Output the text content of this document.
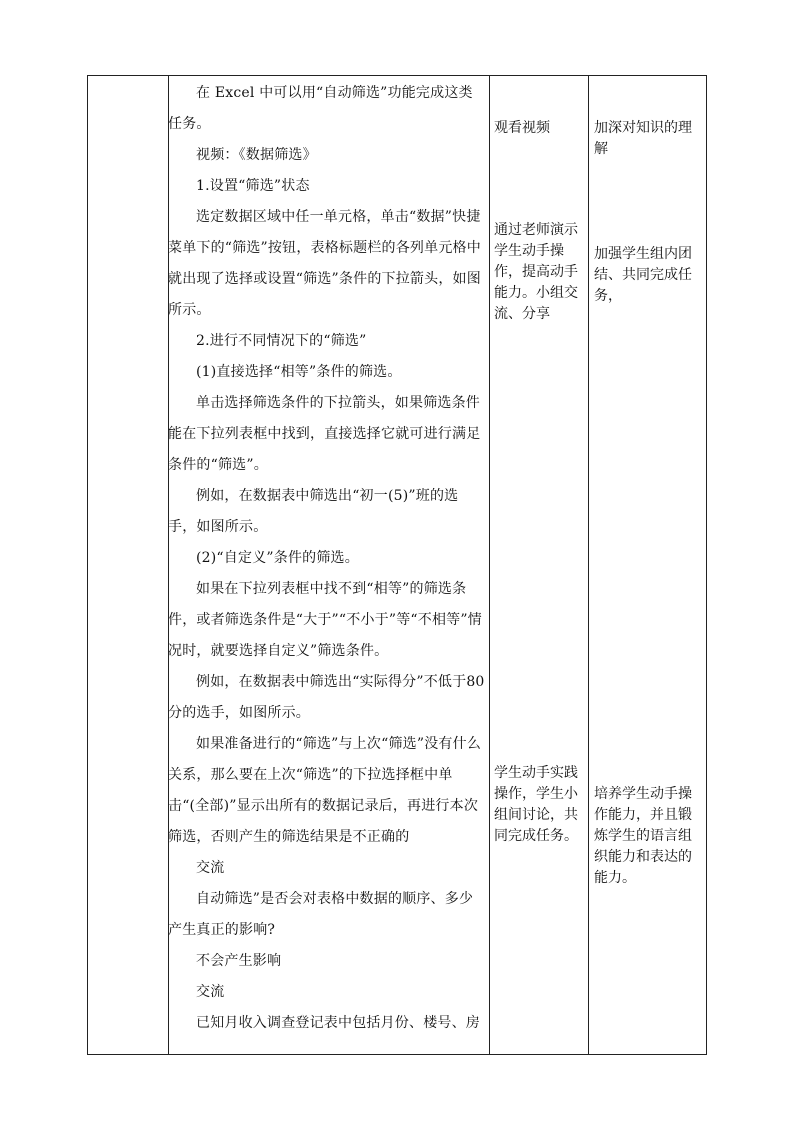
在 Excel 中可以用“自动筛选”功能完成这类任务。

视频：《数据筛选》

1.设置“筛选”状态

选定数据区域中任一单元格，单击“数据”快捷菜单下的“筛选”按钮，表格标题栏的各列单元格中就出现了选择或设置“筛选”条件的下拉箭头，如图所示。

2.进行不同情况下的“筛选”

(1)直接选择“相等”条件的筛选。

单击选择筛选条件的下拉箭头，如果筛选条件能在下拉列表框中找到，直接选择它就可进行满足条件的“筛选”。

例如，在数据表中筛选出“初一(5)”班的选手，如图所示。

(2)“自定义”条件的筛选。

如果在下拉列表框中找不到“相等”的筛选条件，或者筛选条件是“大于”“不小于”等“不相等”情况时，就要选择自定义”筛选条件。

例如，在数据表中筛选出“实际得分”不低于80分的选手，如图所示。

如果准备进行的“筛选”与上次“筛选”没有什么关系，那么要在上次“筛选”的下拉选择框中单击“(全部)”显示出所有的数据记录后，再进行本次筛选，否则产生的筛选结果是不正确的

交流

自动筛选”是否会对表格中数据的顺序、多少产生真正的影响?

不会产生影响

交流

已知月收入调查登记表中包括月份、楼号、房

观看视频

通过老师演示学生动手操作，提高动手能力。小组交流、分享

学生动手实践操作，学生小组间讨论，共同完成任务。

加深对知识的理解

加强学生组内团结、共同完成任务，

培养学生动手操作能力，并且锻炼学生的语言组织能力和表达的能力。
